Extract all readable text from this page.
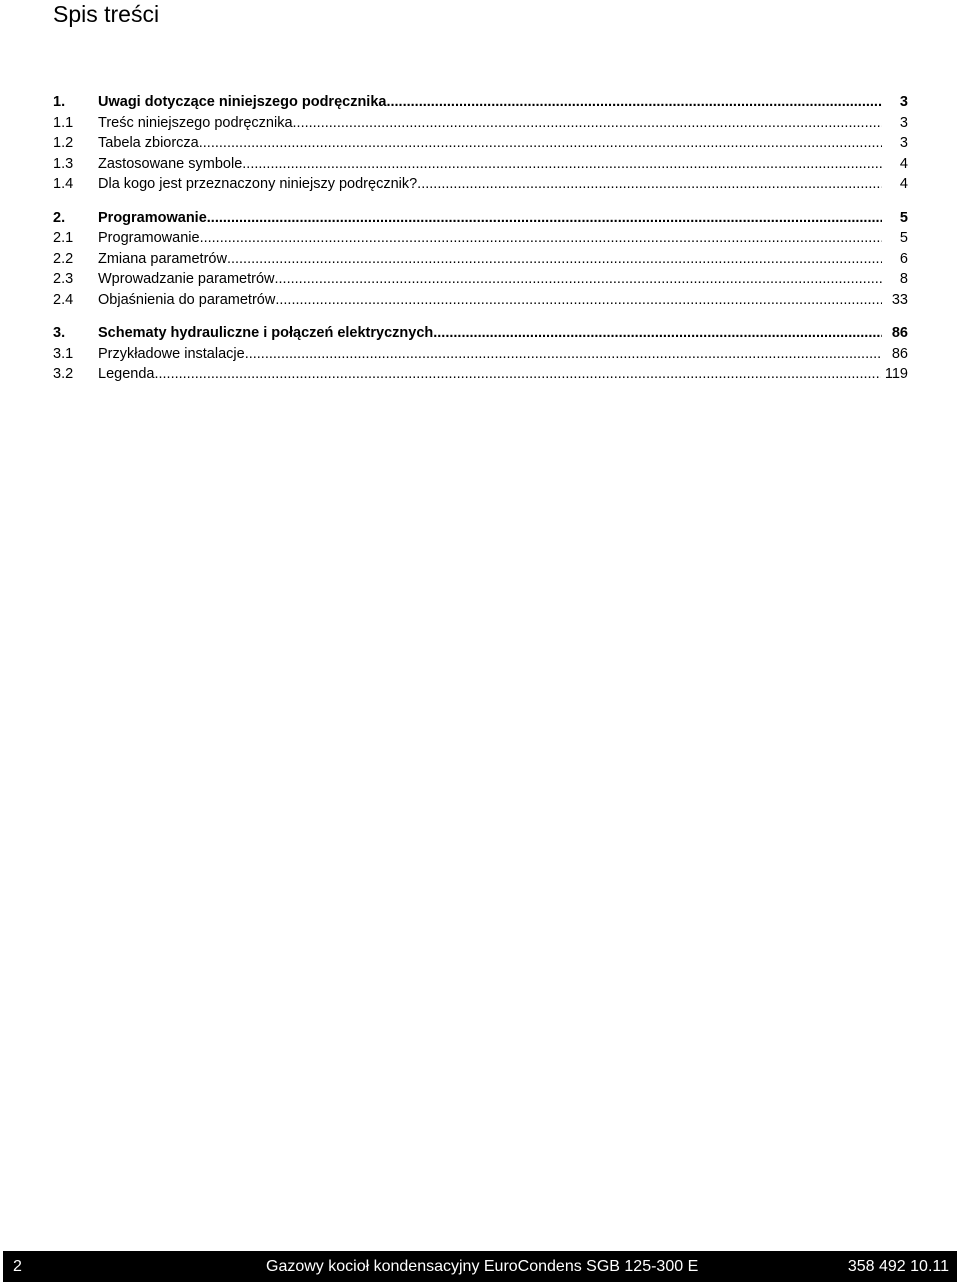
Spis treści
1.	Uwagi dotyczące niniejszego podręcznika .....	3
1.1	Treśc niniejszego podręcznika .....	3
1.2	Tabela zbiorcza .....	3
1.3	Zastosowane symbole .....	4
1.4	Dla kogo jest przeznaczony niniejszy podręcznik? .....	4
2.	Programowanie .....	5
2.1	Programowanie .....	5
2.2	Zmiana parametrów .....	6
2.3	Wprowadzanie parametrów .....	8
2.4	Objaśnienia do parametrów .....	33
3.	Schematy hydrauliczne i połączeń elektrycznych .....	86
3.1	Przykładowe instalacje .....	86
3.2	Legenda .....	119
2	Gazowy kocioł kondensacyjny EuroCondens SGB 125-300 E	358 492 10.11
